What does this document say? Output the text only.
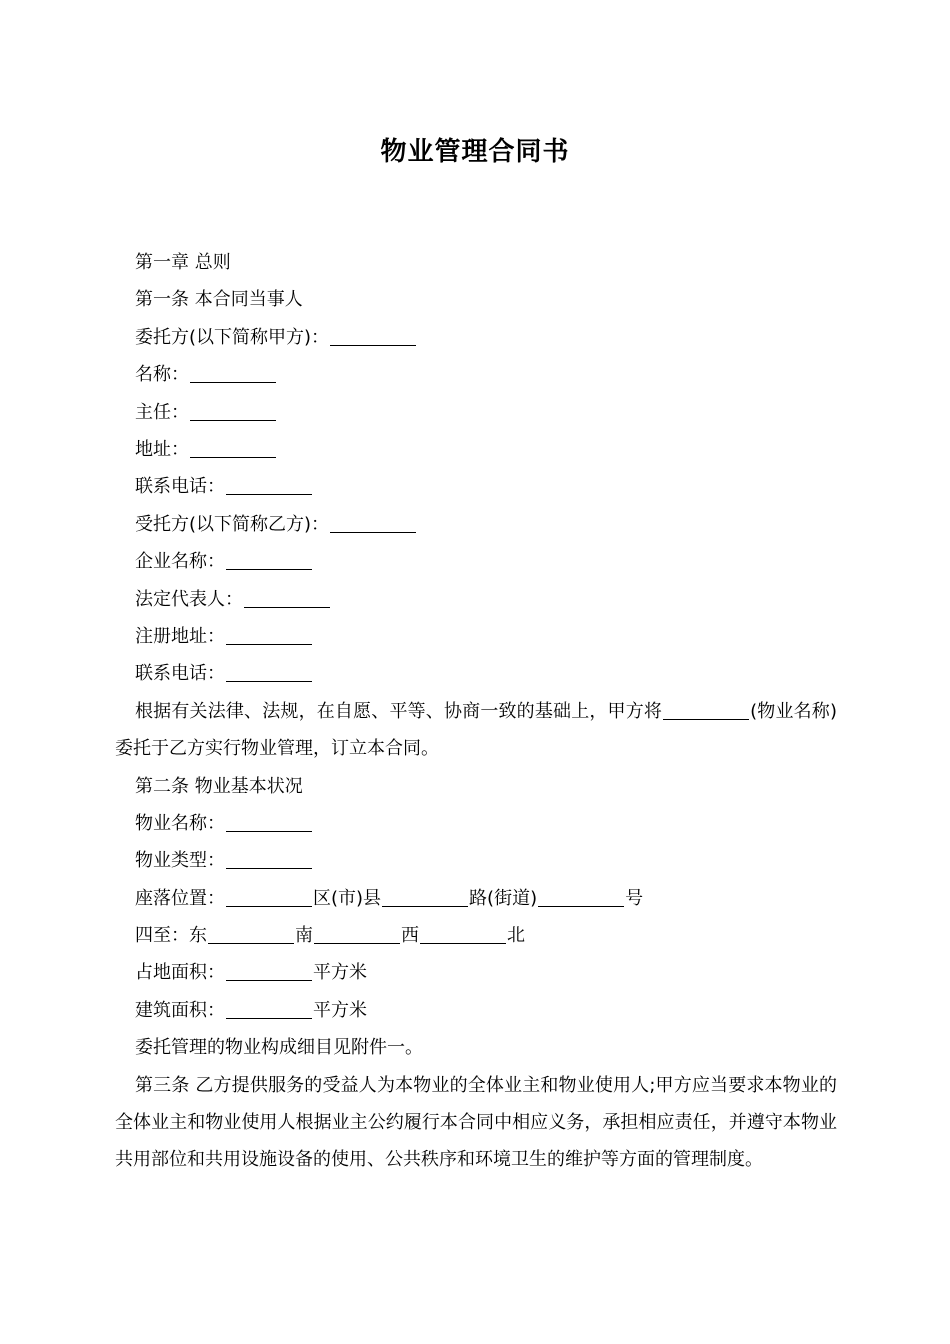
物业管理合同书
第一章 总则
第一条 本合同当事人
委托方(以下简称甲方)：
名称：
主任：
地址：
联系电话：
受托方(以下简称乙方)：
企业名称：
法定代表人：
注册地址：
联系电话：
根据有关法律、法规，在自愿、平等、协商一致的基础上，甲方将	(物业名称)委托于乙方实行物业管理，订立本合同。
第二条 物业基本状况
物业名称：
物业类型：
座落位置：	区(市)县	路(街道)	号
四至：东	南	西	北
占地面积：	平方米
建筑面积：	平方米
委托管理的物业构成细目见附件一。
第三条 乙方提供服务的受益人为本物业的全体业主和物业使用人;甲方应当要求本物业的全体业主和物业使用人根据业主公约履行本合同中相应义务，承担相应责任，并遵守本物业共用部位和共用设施设备的使用、公共秩序和环境卫生的维护等方面的管理制度。
